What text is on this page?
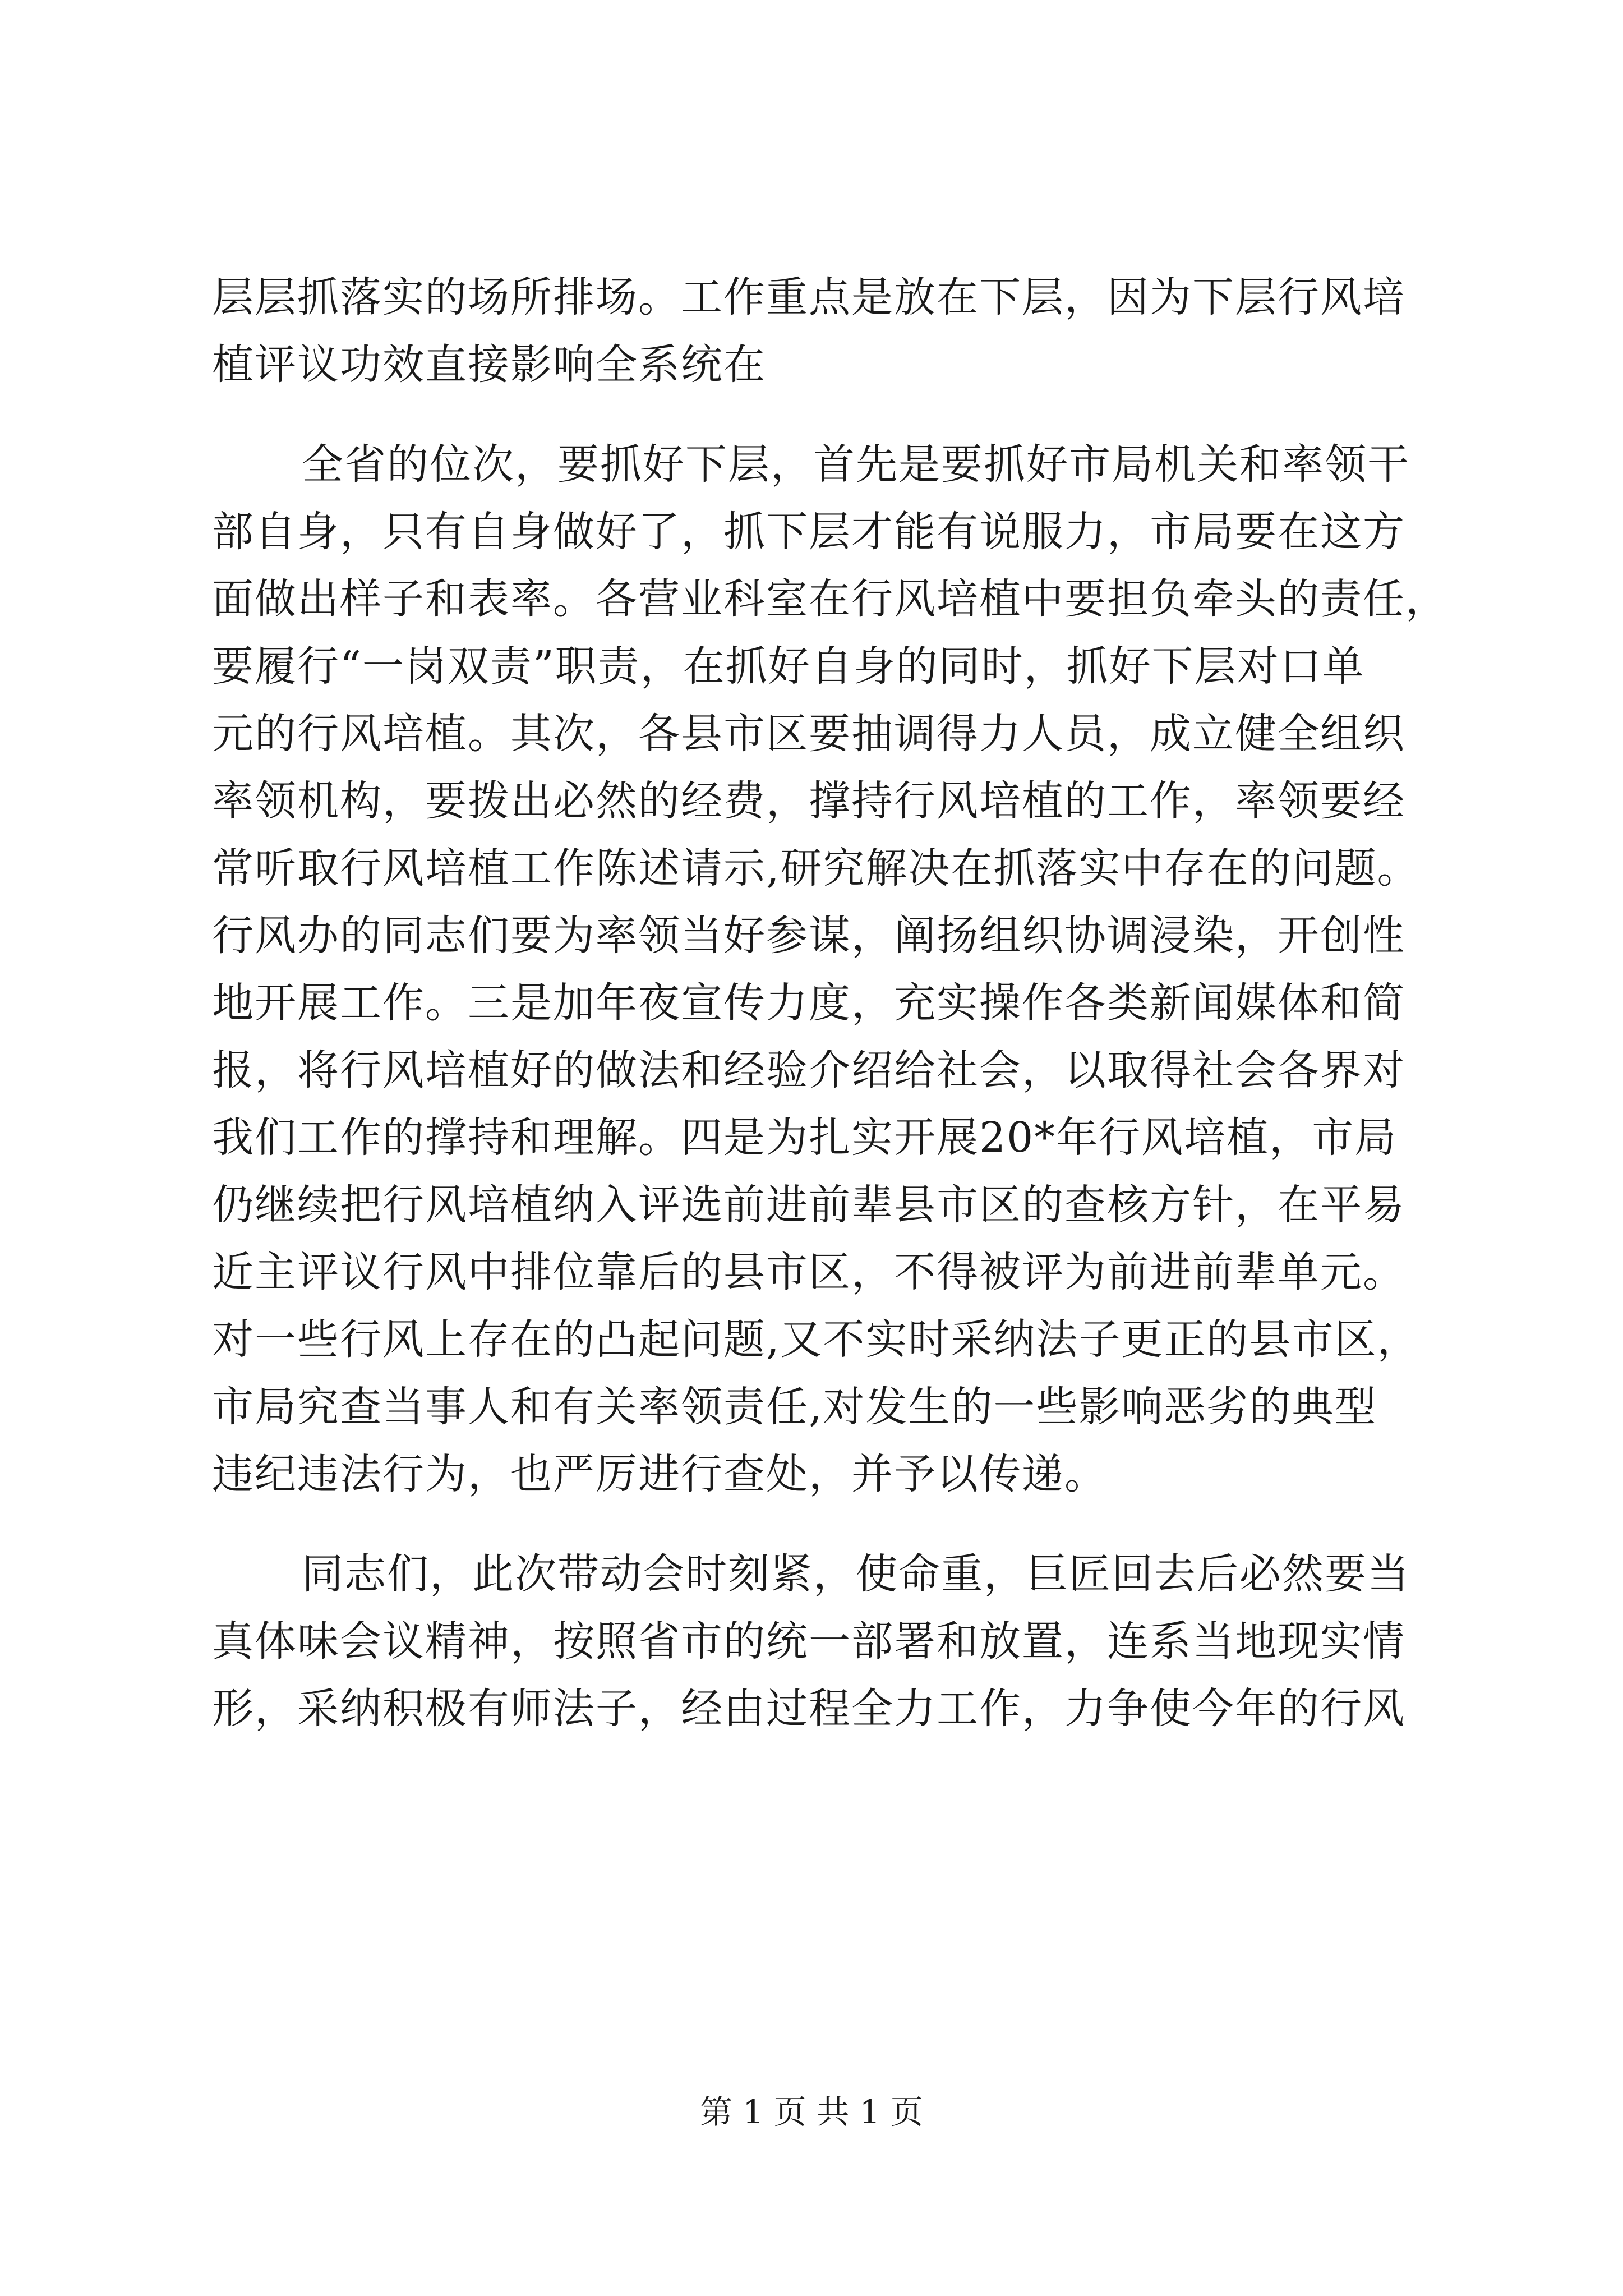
层层抓落实的场所排场。工作重点是放在下层，因为下层行风培
植评议功效直接影响全系统在
全省的位次，要抓好下层，首先是要抓好市局机关和率领干
部自身，只有自身做好了，抓下层才能有说服力，市局要在这方
面做出样子和表率。各营业科室在行风培植中要担负牵头的责任，
要履行“一岗双责”职责，在抓好自身的同时，抓好下层对口单
元的行风培植。其次，各县市区要抽调得力人员，成立健全组织
率领机构，要拨出必然的经费，撑持行风培植的工作，率领要经
常听取行风培植工作陈述请示,研究解决在抓落实中存在的问题。
行风办的同志们要为率领当好参谋，阐扬组织协调浸染，开创性
地开展工作。三是加年夜宣传力度，充实操作各类新闻媒体和简
报，将行风培植好的做法和经验介绍给社会，以取得社会各界对
我们工作的撑持和理解。四是为扎实开展20*年行风培植，市局
仍继续把行风培植纳入评选前进前辈县市区的查核方针，在平易
近主评议行风中排位靠后的县市区，不得被评为前进前辈单元。
对一些行风上存在的凸起问题,又不实时采纳法子更正的县市区，
市局究查当事人和有关率领责任,对发生的一些影响恶劣的典型
违纪违法行为，也严厉进行查处，并予以传递。
同志们，此次带动会时刻紧，使命重，巨匠回去后必然要当
真体味会议精神，按照省市的统一部署和放置，连系当地现实情
形，采纳积极有师法子，经由过程全力工作，力争使今年的行风
第 1 页 共 1 页
